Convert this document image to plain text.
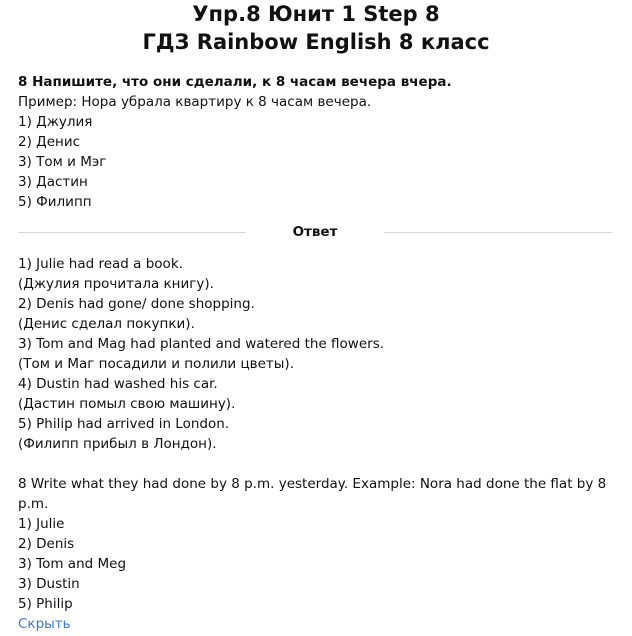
Упр.8 Юнит 1 Step 8
ГДЗ Rainbow English 8 класс
8 Напишите, что они сделали, к 8 часам вечера вчера.
Пример: Нора убрала квартиру к 8 часам вечера.
1) Джулия
2) Денис
3) Том и Мэг
3) Дастин
5) Филипп
Ответ
1) Julie had read a book.
(Джулия прочитала книгу).
2) Denis had gone/ done shopping.
(Денис сделал покупки).
3) Tom and Mag had planted and watered the flowers.
(Том и Маг посадили и полили цветы).
4) Dustin had washed his car.
(Дастин помыл свою машину).
5) Philip had arrived in London.
(Филипп прибыл в Лондон).
8 Write what they had done by 8 p.m. yesterday. Example: Nora had done the flat by 8 p.m.
1) Julie
2) Denis
3) Tom and Meg
3) Dustin
5) Philip
Скрыть
